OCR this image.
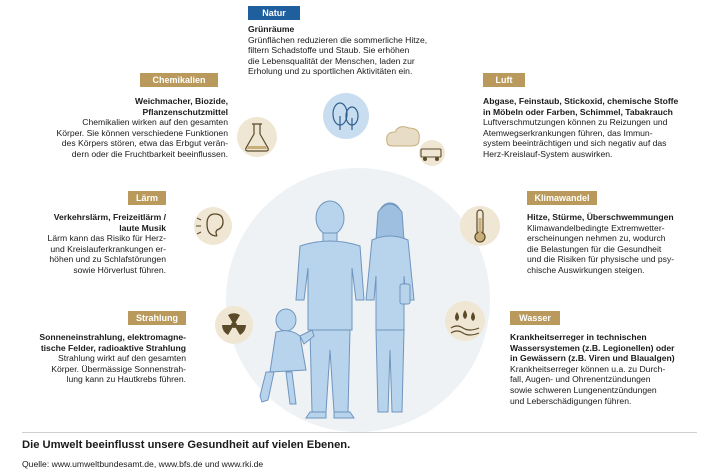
Natur
Chemikalien	Luft
Lärm	Klimawandel
Strahlung	Wasser
Grünräume
Grünflächen reduzieren die sommerliche Hitze,
filtern Schadstoffe und Staub. Sie erhöhen
die Lebensqualität der Menschen, laden zur
Erholung und zu sportlichen Aktivitäten ein.
Weichmacher, Biozide,
Pflanzenschutzmittel
Chemikalien wirken auf den gesamten
Körper. Sie können verschiedene Funktionen
des Körpers stören, etwa das Erbgut verän-
dern oder die Fruchtbarkeit beeinflussen.
Abgase, Feinstaub, Stickoxid, chemische Stoffe
in Möbeln oder Farben, Schimmel, Tabakrauch
Luftverschmutzungen können zu Reizungen und
Atemwegserkrankungen führen, das Immun-
system beeinträchtigen und sich negativ auf das
Herz-Kreislauf-System auswirken.
Verkehrslärm, Freizeitlärm /
laute Musik
Lärm kann das Risiko für Herz-
und Kreislauferkrankungen er-
höhen und zu Schlafstörungen
sowie Hörverlust führen.
Hitze, Stürme, Überschwemmungen
Klimawandelbedingte Extremwetter-
erscheinungen nehmen zu, wodurch
die Belastungen für die Gesundheit
und die Risiken für physische und psy-
chische Auswirkungen steigen.
Sonneneinstrahlung, elektromagne-
tische Felder, radioaktive Strahlung
Strahlung wirkt auf den gesamten
Körper. Übermässige Sonnenstrah-
lung kann zu Hautkrebs führen.
Krankheitserreger in technischen
Wassersystemen (z.B. Legionellen) oder
in Gewässern (z.B. Viren und Blaualgen)
Krankheitserreger können u.a. zu Durch-
fall, Augen- und Ohrenentzündungen
sowie schweren Lungenentzündungen
und Leberschädigungen führen.
Die Umwelt beeinflusst unsere Gesundheit auf vielen Ebenen.
Quelle: www.umweltbundesamt.de, www.bfs.de und www.rki.de
